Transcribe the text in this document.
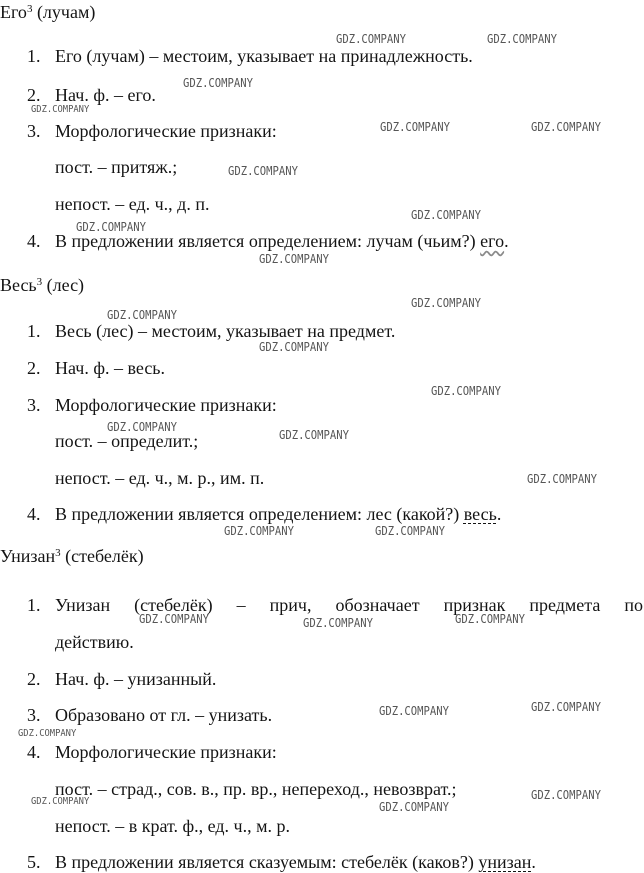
Его$^3$ (лучам)
1. Его (лучам) – местоим, указывает на принадлежность.
2. Нач. ф. – его.
3. Морфологические признаки:
пост. – притяж.;
непост. – ед. ч., д. п.
4. В предложении является определением: лучам (чьим?) его.
Весь$^3$ (лес)
1. Весь (лес) – местоим, указывает на предмет.
2. Нач. ф. – весь.
3. Морфологические признаки:
пост. – определит.;
непост. – ед. ч., м. р., им. п.
4. В предложении является определением: лес (какой?) весь.
Унизан$^3$ (стебелёк)
1. Унизан (стебелёк) – прич, обозначает признак предмета по
действию.
2. Нач. ф. – унизанный.
3. Образовано от гл. – унизать.
4. Морфологические признаки:
пост. – страд., сов. в., пр. вр., непереход., невозврат.;
непост. – в крат. ф., ед. ч., м. р.
5. В предложении является сказуемым: стебелёк (каков?) унизан.
GDZ.COMPANY	GDZ.COMPANY
GDZ.COMPANY
GDZ.COMPANY
GDZ.COMPANY	GDZ.COMPANY
GDZ.COMPANY
GDZ.COMPANY
GDZ.COMPANY
GDZ.COMPANY
GDZ.COMPANY
GDZ.COMPANY
GDZ.COMPANY
GDZ.COMPANY
GDZ.COMPANY
GDZ.COMPANY
GDZ.COMPANY
GDZ.COMPANY	GDZ.COMPANY
GDZ.COMPANY	GDZ.COMPANY
GDZ.COMPANY
GDZ.COMPANY	GDZ.COMPANY
GDZ.COMPANY
GDZ.COMPANY
GDZ.COMPANY
GDZ.COMPANY
